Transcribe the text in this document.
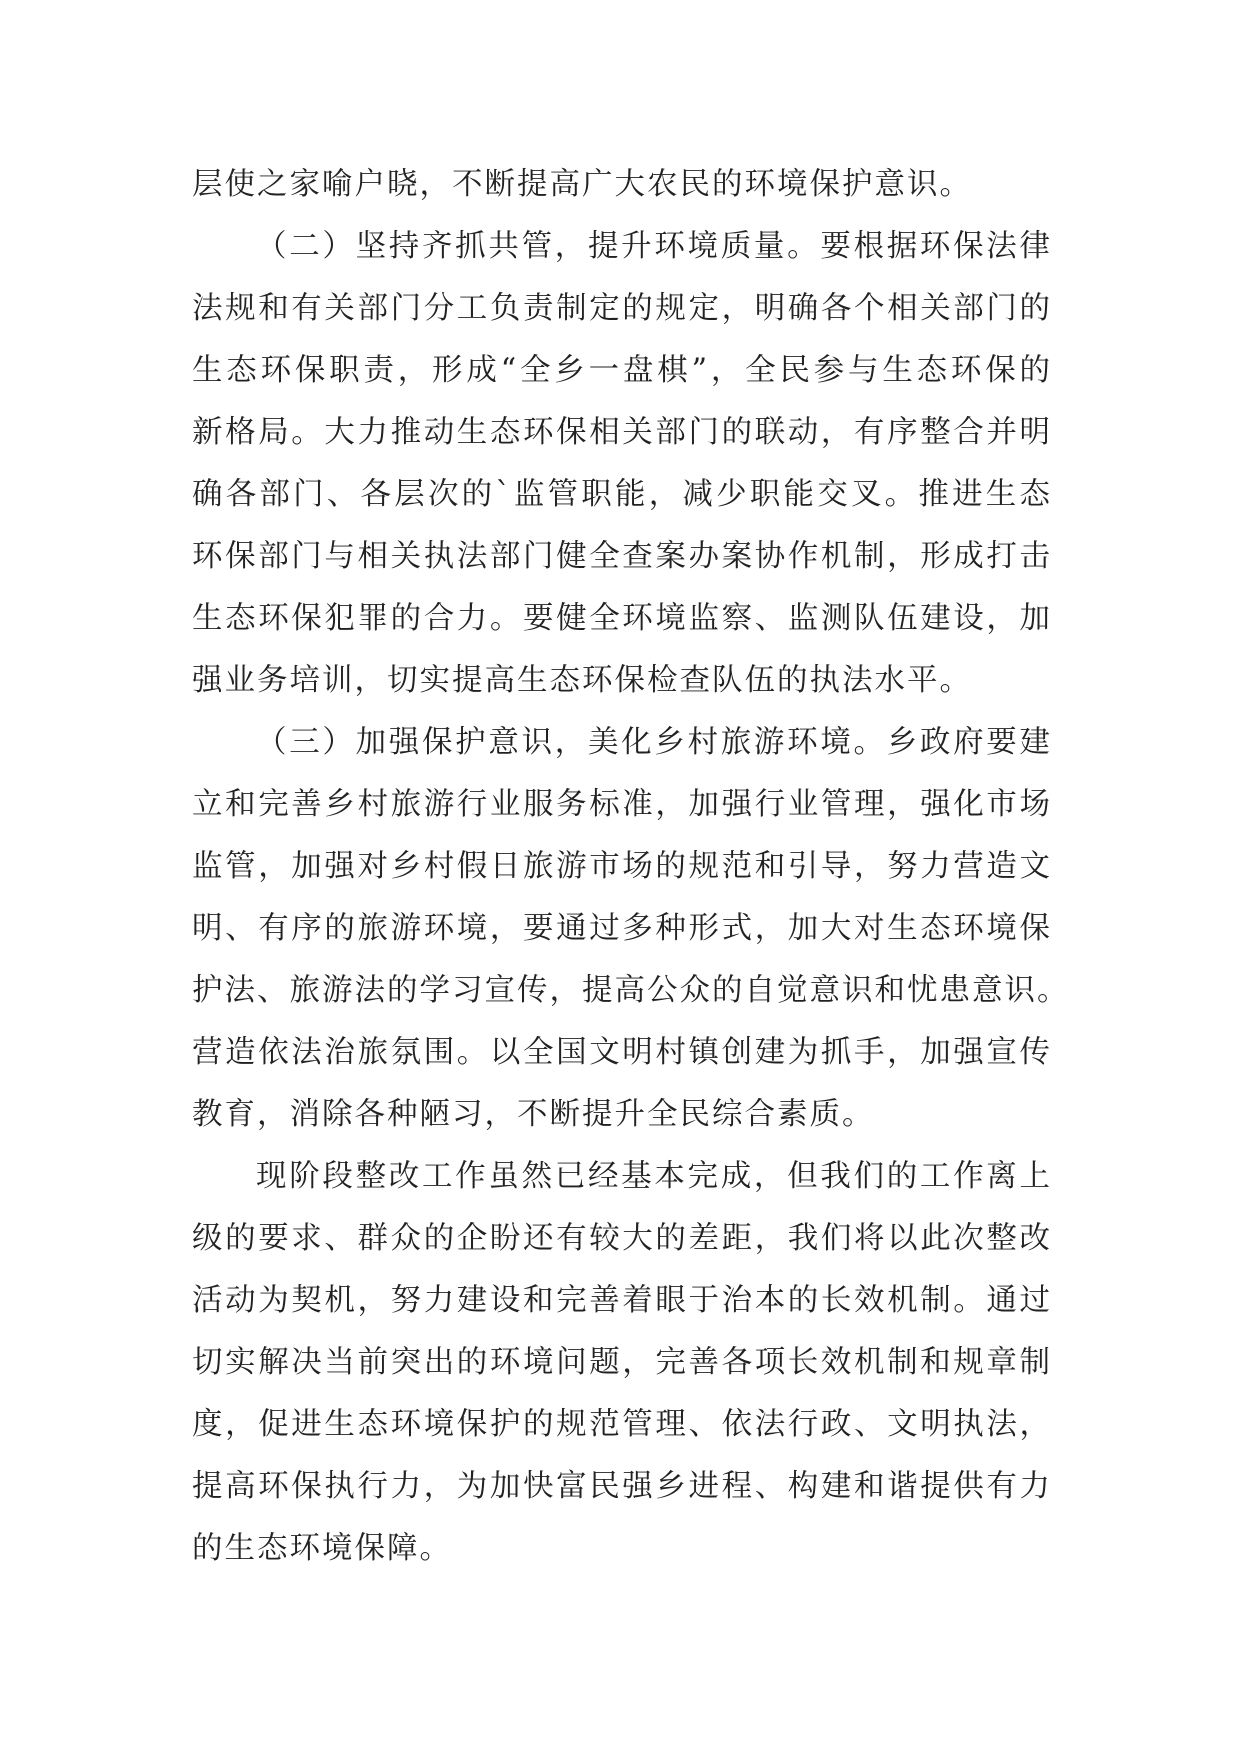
层使之家喻户晓，不断提高广大农民的环境保护意识。
（二）坚持齐抓共管，提升环境质量。要根据环保法律
法规和有关部门分工负责制定的规定，明确各个相关部门的
生态环保职责，形成“全乡一盘棋”，全民参与生态环保的
新格局。大力推动生态环保相关部门的联动，有序整合并明
确各部门、各层次的`监管职能，减少职能交叉。推进生态
环保部门与相关执法部门健全查案办案协作机制，形成打击
生态环保犯罪的合力。要健全环境监察、监测队伍建设，加
强业务培训，切实提高生态环保检查队伍的执法水平。
（三）加强保护意识，美化乡村旅游环境。乡政府要建
立和完善乡村旅游行业服务标准，加强行业管理，强化市场
监管，加强对乡村假日旅游市场的规范和引导，努力营造文
明、有序的旅游环境，要通过多种形式，加大对生态环境保
护法、旅游法的学习宣传，提高公众的自觉意识和忧患意识。
营造依法治旅氛围。以全国文明村镇创建为抓手，加强宣传
教育，消除各种陋习，不断提升全民综合素质。
现阶段整改工作虽然已经基本完成，但我们的工作离上
级的要求、群众的企盼还有较大的差距，我们将以此次整改
活动为契机，努力建设和完善着眼于治本的长效机制。通过
切实解决当前突出的环境问题，完善各项长效机制和规章制
度，促进生态环境保护的规范管理、依法行政、文明执法，
提高环保执行力，为加快富民强乡进程、构建和谐提供有力
的生态环境保障。
